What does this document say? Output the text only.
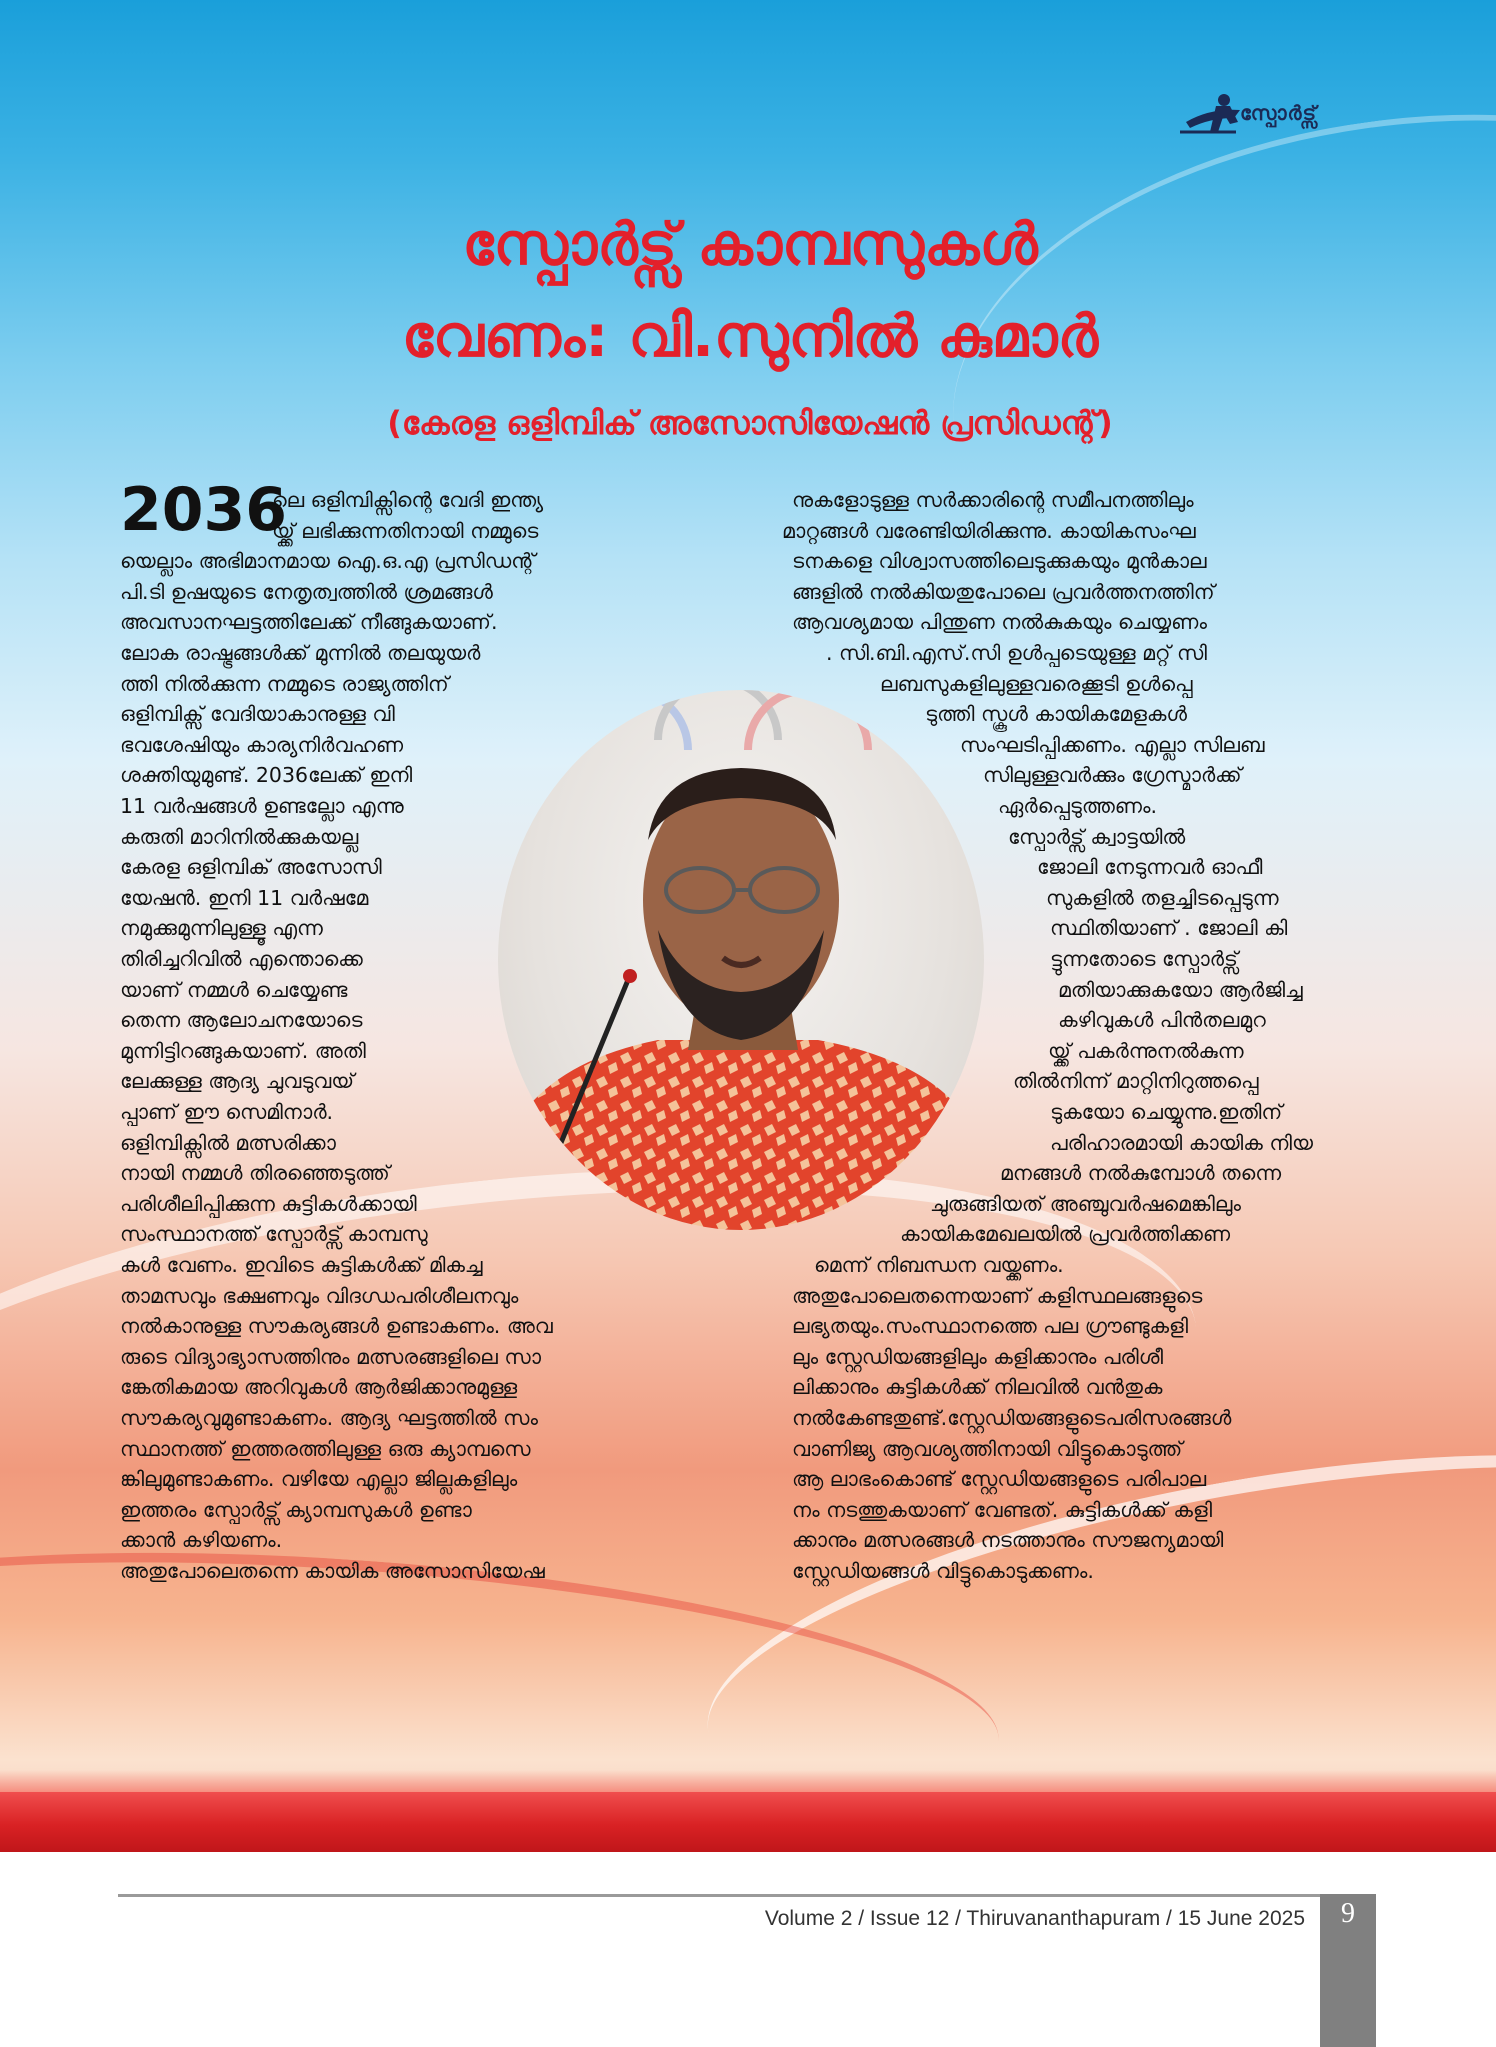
സ്പോർട്സ്
സ്പോർട്സ് കാമ്പസുകൾ
വേണം: വി.സുനിൽ കുമാർ

(കേരള ഒളിമ്പിക് അസോസിയേഷൻ പ്രസിഡന്റ്)

2036
ലെ ഒളിമ്പിക്സിന്റെ വേദി ഇന്ത്യ
യ്ക്ക് ലഭിക്കുന്നതിനായി നമ്മുടെ
യെല്ലാം അഭിമാനമായ ഐ.ഒ.എ പ്രസിഡന്റ്
പി.ടി ഉഷയുടെ നേതൃത്വത്തിൽ ശ്രമങ്ങൾ
അവസാനഘട്ടത്തിലേക്ക് നീങ്ങുകയാണ്.
ലോക രാഷ്ട്രങ്ങൾക്ക് മുന്നിൽ തലയുയർ
ത്തി നിൽക്കുന്ന നമ്മുടെ രാജ്യത്തിന്
ഒളിമ്പിക്സ് വേദിയാകാനുള്ള വി
ഭവശേഷിയും കാര്യനിർവഹണ
ശക്തിയുമുണ്ട്. 2036ലേക്ക് ഇനി
11 വർഷങ്ങൾ ഉണ്ടല്ലോ എന്നു
കരുതി മാറിനിൽക്കുകയല്ല
കേരള ഒളിമ്പിക് അസോസി
യേഷൻ. ഇനി 11 വർഷമേ
നമുക്കുമുന്നിലുള്ളൂ എന്ന
തിരിച്ചറിവിൽ എന്തൊക്കെ
യാണ് നമ്മൾ ചെയ്യേണ്ട
തെന്ന ആലോചനയോടെ
മുന്നിട്ടിറങ്ങുകയാണ്. അതി
ലേക്കുള്ള ആദ്യ ചുവടുവയ്
പ്പാണ് ഈ സെമിനാർ.
ഒളിമ്പിക്സിൽ മത്സരിക്കാ
നായി നമ്മൾ തിരഞ്ഞെടുത്ത്
പരിശീലിപ്പിക്കുന്ന കുട്ടികൾക്കായി
സംസ്ഥാനത്ത് സ്പോർട്സ് കാമ്പസു
കൾ വേണം. ഇവിടെ കുട്ടികൾക്ക് മികച്ച
താമസവും ഭക്ഷണവും വിദഗ്ധപരിശീലനവും
നൽകാനുള്ള സൗകര്യങ്ങൾ ഉണ്ടാകണം. അവ
രുടെ വിദ്യാഭ്യാസത്തിനും മത്സരങ്ങളിലെ സാ
ങ്കേതികമായ അറിവുകൾ ആർജിക്കാനുമുള്ള
സൗകര്യവുമുണ്ടാകണം. ആദ്യ ഘട്ടത്തിൽ സം
സ്ഥാനത്ത് ഇത്തരത്തിലുള്ള ഒരു ക്യാമ്പസെ
ങ്കിലുമുണ്ടാകണം. വഴിയേ എല്ലാ ജില്ലകളിലും
ഇത്തരം സ്പോർട്സ് ക്യാമ്പസുകൾ ഉണ്ടാ
ക്കാൻ കഴിയണം.
അതുപോലെതന്നെ കായിക അസോസിയേഷ
നുകളോടുള്ള സർക്കാരിന്റെ സമീപനത്തിലും
മാറ്റങ്ങൾ വരേണ്ടിയിരിക്കുന്നു. കായികസംഘ
ടനകളെ വിശ്വാസത്തിലെടുക്കുകയും മുൻകാല
ങ്ങളിൽ നൽകിയതുപോലെ പ്രവർത്തനത്തിന്
ആവശ്യമായ പിന്തുണ നൽകുകയും ചെയ്യണം
. സി.ബി.എസ്.സി ഉൾപ്പടെയുള്ള മറ്റ് സി
ലബസുകളിലുള്ളവരെക്കൂടി ഉൾപ്പെ
ടുത്തി സ്കൂൾ കായികമേളകൾ
സംഘടിപ്പിക്കണം. എല്ലാ സിലബ
സിലുള്ളവർക്കും ഗ്രേസ്മാർക്ക്
ഏർപ്പെടുത്തണം.
സ്പോർട്സ് ക്വാട്ടയിൽ
ജോലി നേടുന്നവർ ഓഫീ
സുകളിൽ തളച്ചിടപ്പെടുന്ന
സ്ഥിതിയാണ് . ജോലി കി
ട്ടുന്നതോടെ സ്പോർട്സ്
മതിയാക്കുകയോ ആർജിച്ച
കഴിവുകൾ പിൻതലമുറ
യ്ക്ക് പകർന്നുനൽകുന്ന
തിൽനിന്ന് മാറ്റിനിറുത്തപ്പെ
ടുകയോ ചെയ്യുന്നു.ഇതിന്
പരിഹാരമായി കായിക നിയ
മനങ്ങൾ നൽകുമ്പോൾ തന്നെ
ചുരുങ്ങിയത് അഞ്ചുവർഷമെങ്കിലും
കായികമേഖലയിൽ പ്രവർത്തിക്കണ
മെന്ന് നിബന്ധന വയ്ക്കണം.
അതുപോലെതന്നെയാണ് കളിസ്ഥലങ്ങളുടെ
ലഭ്യതയും.സംസ്ഥാനത്തെ പല ഗ്രൗണ്ടുകളി
ലും സ്റ്റേഡിയങ്ങളിലും കളിക്കാനും പരിശീ
ലിക്കാനും കുട്ടികൾക്ക് നിലവിൽ വൻതുക
നൽകേണ്ടതുണ്ട്.സ്റ്റേഡിയങ്ങളുടെപരിസരങ്ങൾ
വാണിജ്യ ആവശ്യത്തിനായി വിട്ടുകൊടുത്ത്
ആ ലാഭംകൊണ്ട് സ്റ്റേഡിയങ്ങളുടെ പരിപാല
നം നടത്തുകയാണ് വേണ്ടത്. കുട്ടികൾക്ക് കളി
ക്കാനും മത്സരങ്ങൾ നടത്താനും സൗജന്യമായി
സ്റ്റേഡിയങ്ങൾ വിട്ടുകൊടുക്കണം.
Volume 2 / Issue 12 / Thiruvananthapuram / 15 June 2025	9
